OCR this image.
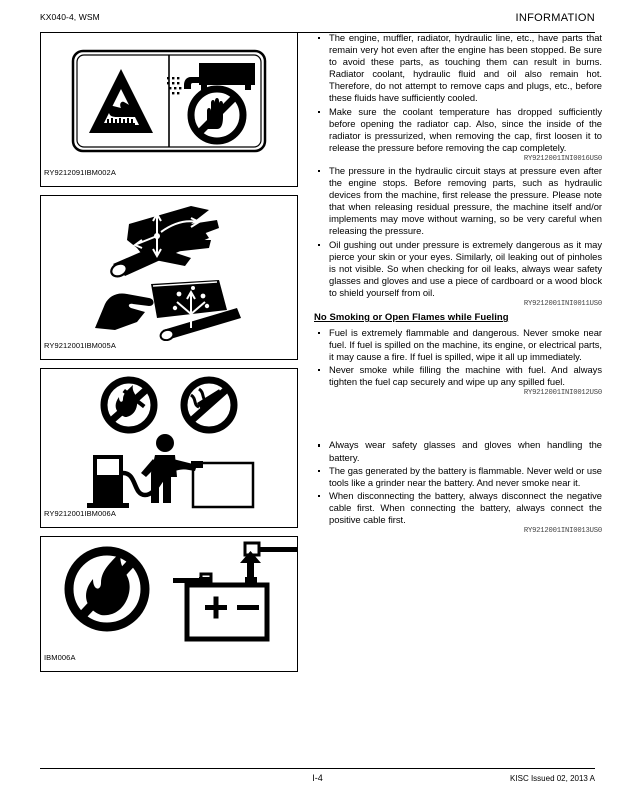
KX040-4, WSM	INFORMATION
RY9212091IBM002A
RY9212001IBM005A
RY9212001IBM006A
IBM006A
The engine, muffler, radiator, hydraulic line, etc., have parts that remain very hot even after the engine has been stopped. Be sure to avoid these parts, as touching them can result in burns. Radiator coolant, hydraulic fluid and oil also remain hot. Therefore, do not attempt to remove caps and plugs, etc., before these fluids have sufficiently cooled.
Make sure the coolant temperature has dropped sufficiently before opening the radiator cap. Also, since the inside of the radiator is pressurized, when removing the cap, first loosen it to release the pressure before removing the cap completely.
RY9212001INI0016US0
The pressure in the hydraulic circuit stays at pressure even after the engine stops. Before removing parts, such as hydraulic devices from the machine, first release the pressure. Please note that when releasing residual pressure, the machine itself and/or implements may move without warning, so be very careful when releasing the pressure.
Oil gushing out under pressure is extremely dangerous as it may pierce your skin or your eyes. Similarly, oil leaking out of pinholes is not visible. So when checking for oil leaks, always wear safety glasses and gloves and use a piece of cardboard or a wood block to shield yourself from oil.
RY9212001INI0011US0
No Smoking or Open Flames while Fueling
Fuel is extremely flammable and dangerous. Never smoke near fuel. If fuel is spilled on the machine, its engine, or electrical parts, it may cause a fire. If fuel is spilled, wipe it all up immediately.
Never smoke while filling the machine with fuel. And always tighten the fuel cap securely and wipe up any spilled fuel.
RY9212001INI0012US0
Always wear safety glasses and gloves when handling the battery.
The gas generated by the battery is flammable. Never weld or use tools like a grinder near the battery. And never smoke near it.
When disconnecting the battery, always disconnect the negative cable first. When connecting the battery, always connect the positive cable first.
RY9212001INI0013US0
I-4	KISC Issued 02, 2013 A
